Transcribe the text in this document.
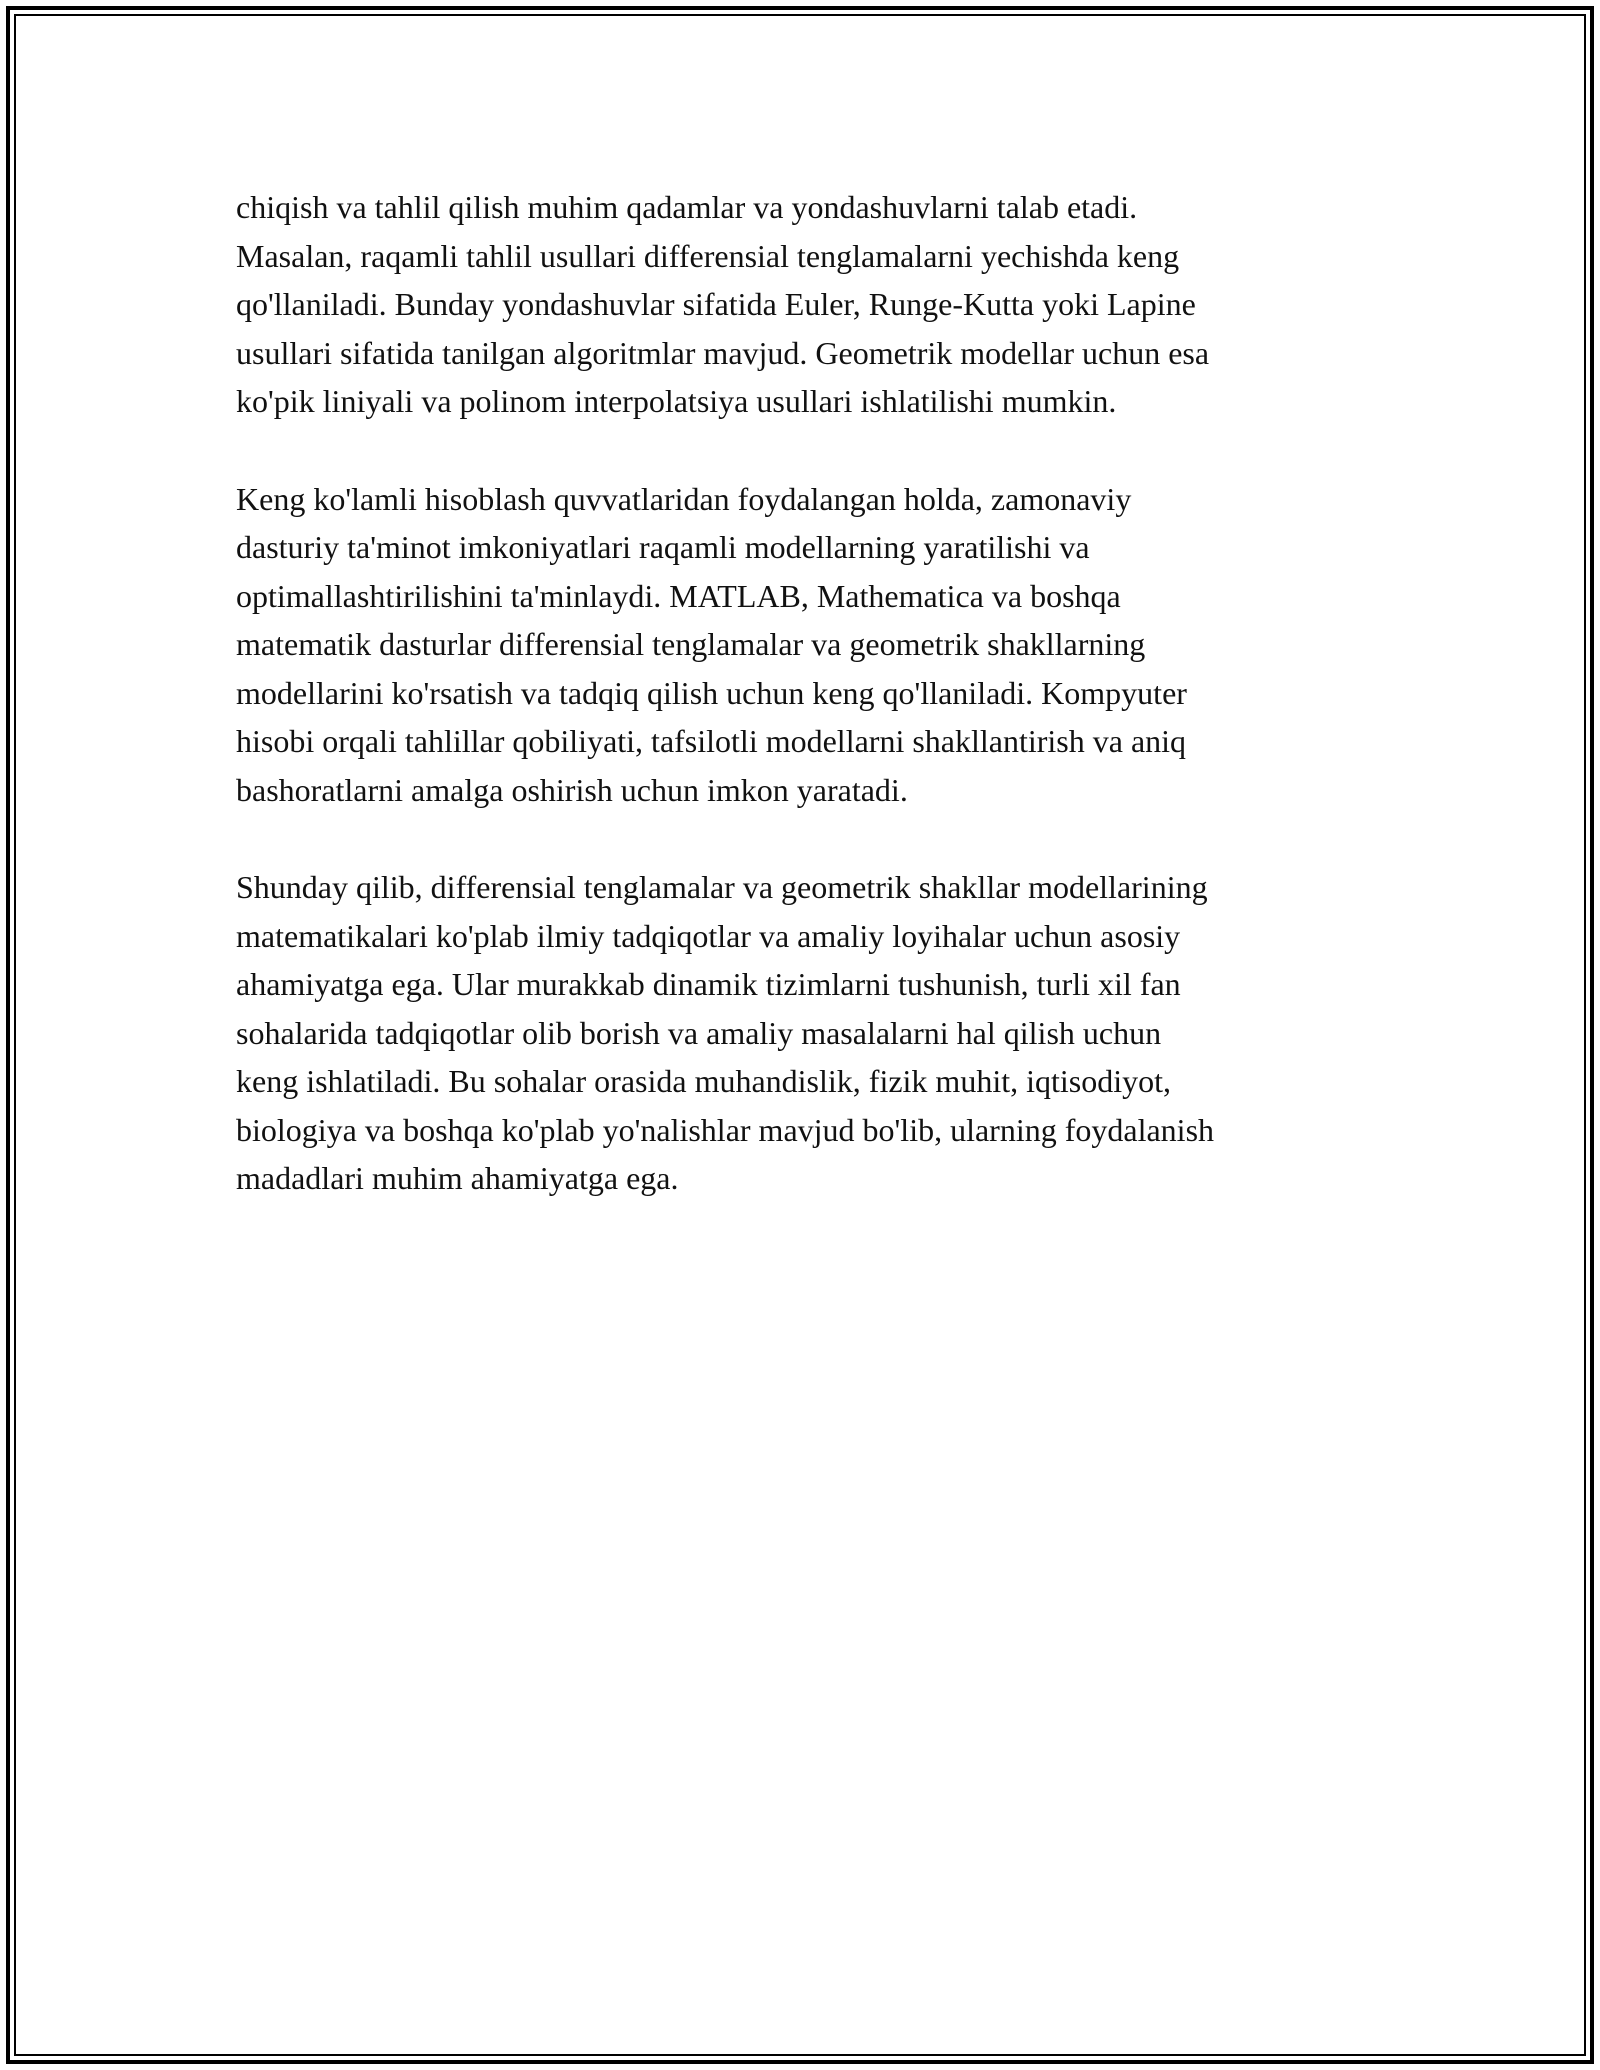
chiqish va tahlil qilish muhim qadamlar va yondashuvlarni talab etadi.
Masalan, raqamli tahlil usullari differensial tenglamalarni yechishda keng
qo'llaniladi. Bunday yondashuvlar sifatida Euler, Runge-Kutta yoki Lapine
usullari sifatida tanilgan algoritmlar mavjud. Geometrik modellar uchun esa
ko'pik liniyali va polinom interpolatsiya usullari ishlatilishi mumkin.

Keng ko'lamli hisoblash quvvatlaridan foydalangan holda, zamonaviy
dasturiy ta'minot imkoniyatlari raqamli modellarning yaratilishi va
optimallashtirilishini ta'minlaydi. MATLAB, Mathematica va boshqa
matematik dasturlar differensial tenglamalar va geometrik shakllarning
modellarini ko'rsatish va tadqiq qilish uchun keng qo'llaniladi. Kompyuter
hisobi orqali tahlillar qobiliyati, tafsilotli modellarni shakllantirish va aniq
bashoratlarni amalga oshirish uchun imkon yaratadi.

Shunday qilib, differensial tenglamalar va geometrik shakllar modellarining
matematikalari ko'plab ilmiy tadqiqotlar va amaliy loyihalar uchun asosiy
ahamiyatga ega. Ular murakkab dinamik tizimlarni tushunish, turli xil fan
sohalarida tadqiqotlar olib borish va amaliy masalalarni hal qilish uchun
keng ishlatiladi. Bu sohalar orasida muhandislik, fizik muhit, iqtisodiyot,
biologiya va boshqa ko'plab yo'nalishlar mavjud bo'lib, ularning foydalanish
madadlari muhim ahamiyatga ega.
